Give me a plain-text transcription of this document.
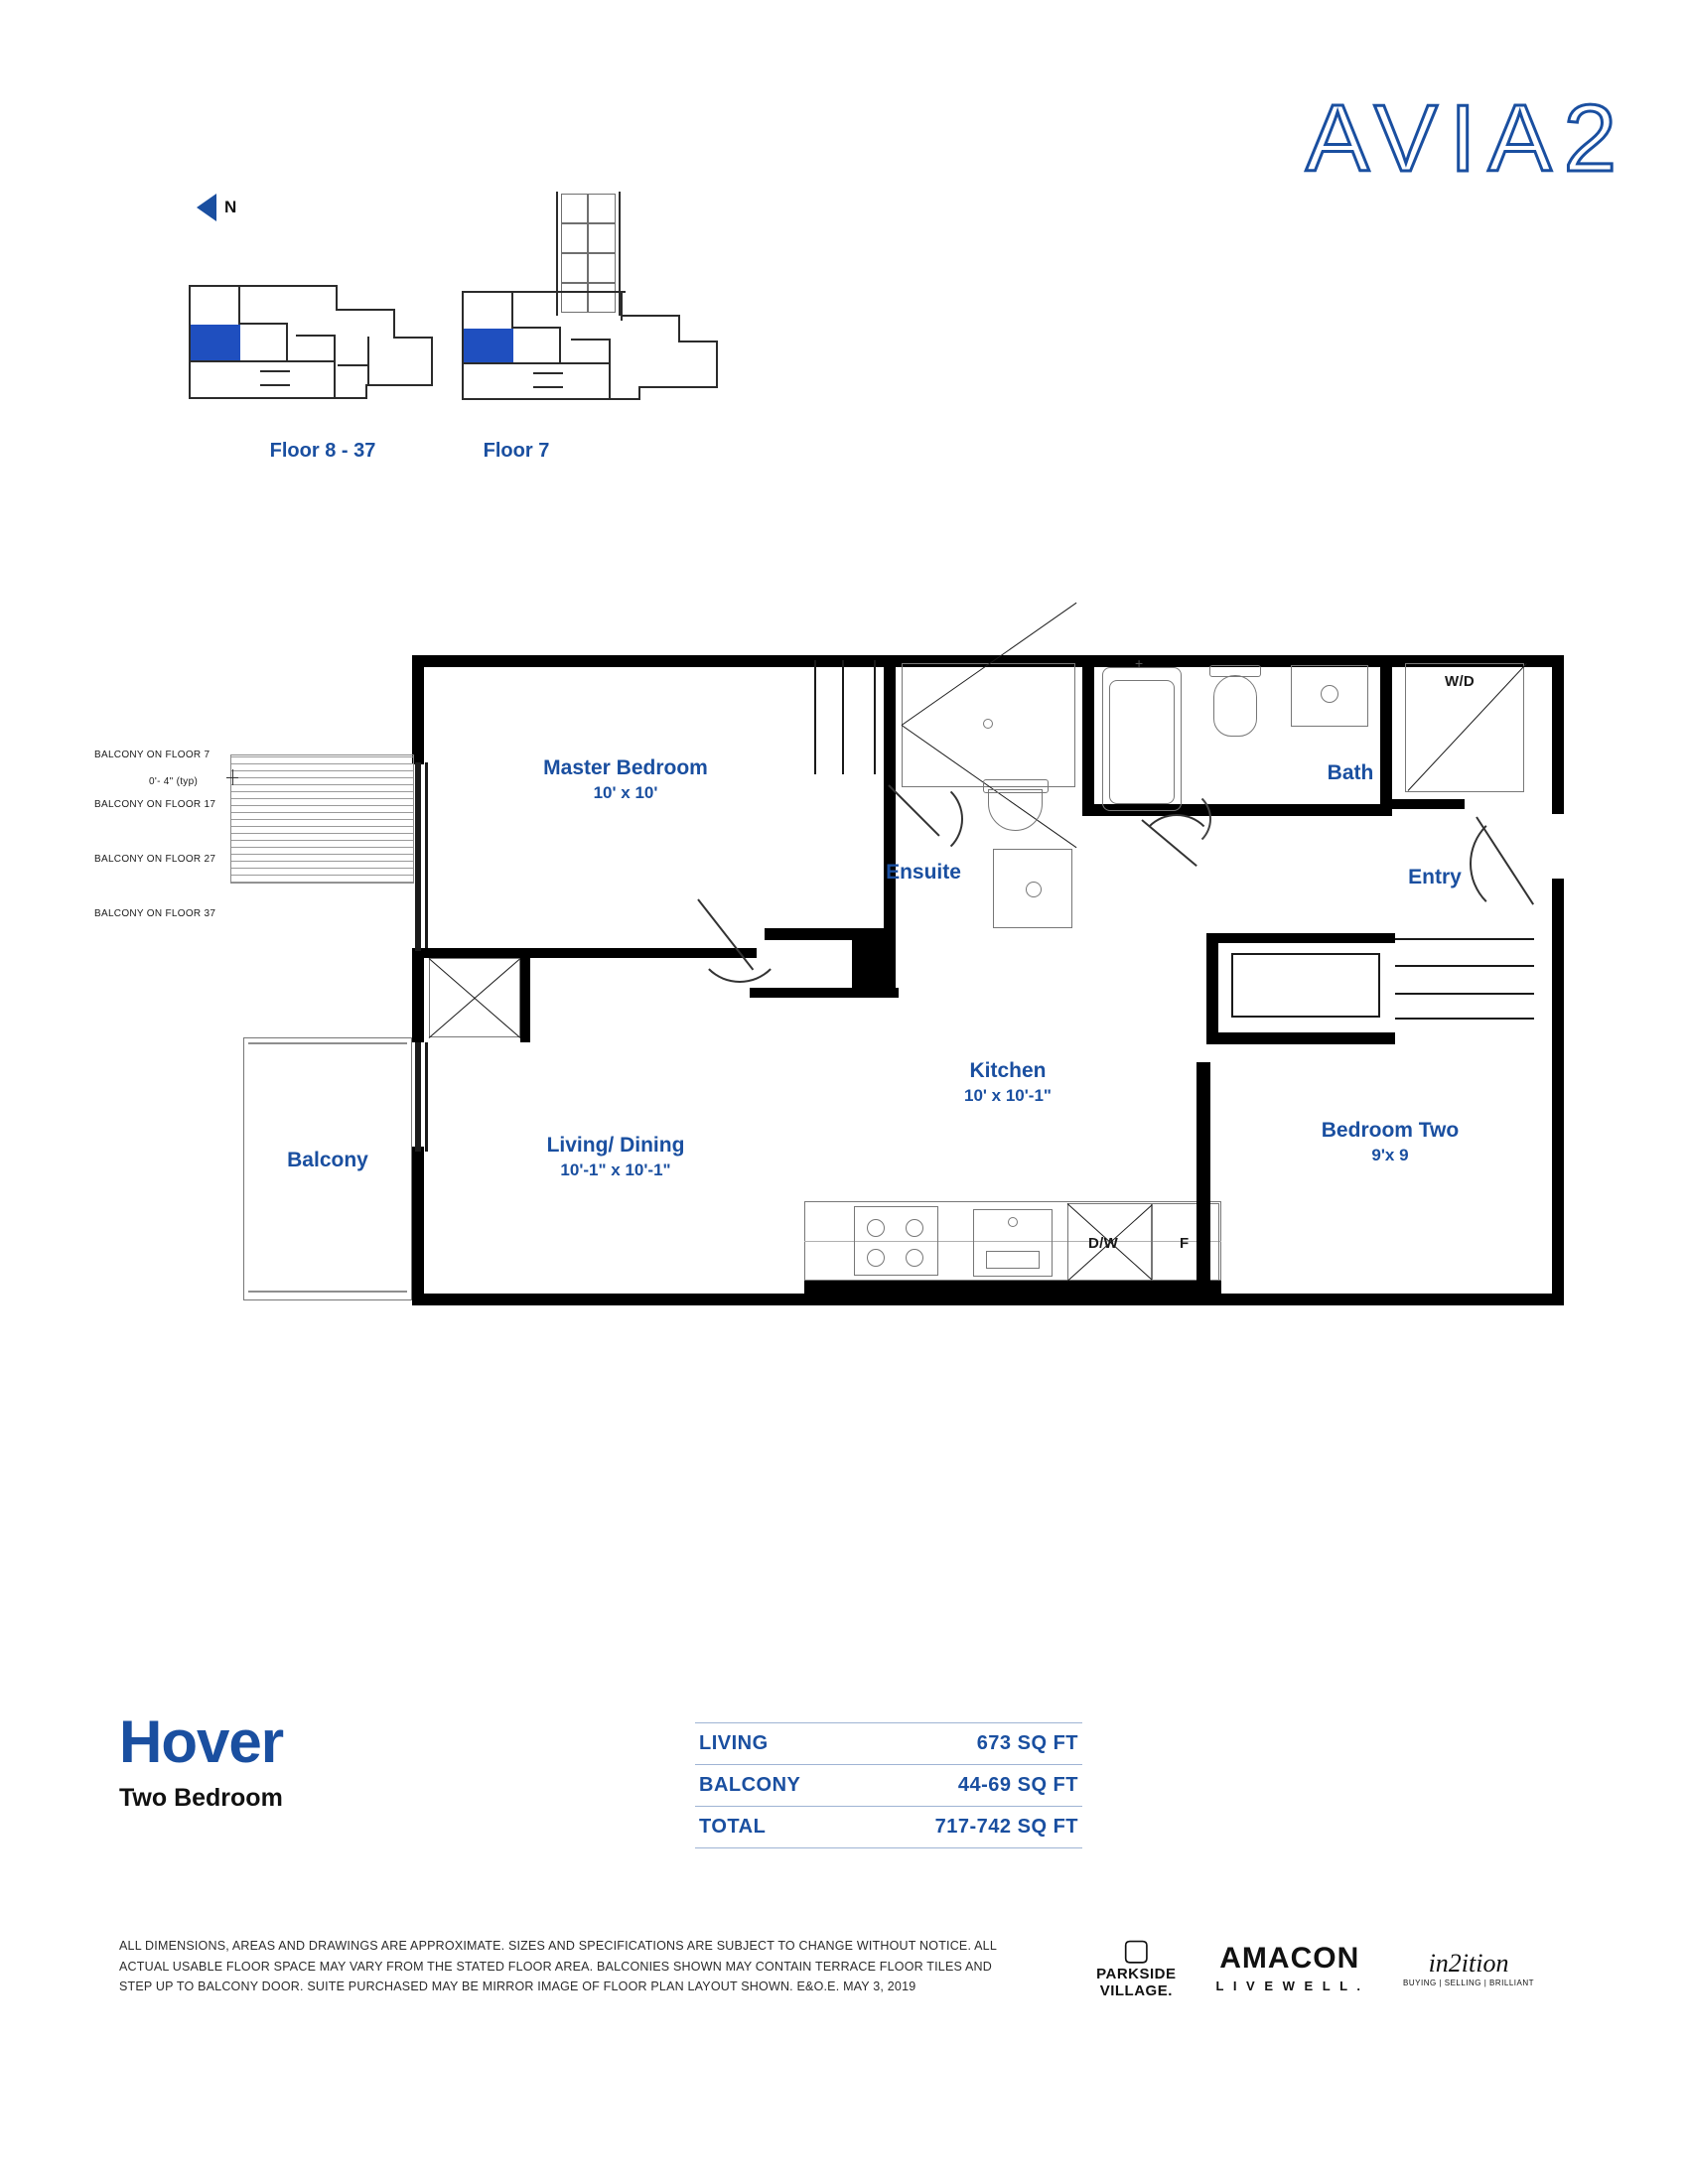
AVIA2
N
Floor 8 - 37	Floor 7
+
W/D
D/W	F
BALCONY ON FLOOR 7
0'- 4" (typ)
BALCONY ON FLOOR 17
BALCONY ON FLOOR 27
BALCONY ON FLOOR 37
Master Bedroom
10' x 10'
Ensuite
Bath
Entry
Kitchen
10' x 10'-1"
Bedroom Two
9'x 9
Living/ Dining
10'-1" x 10'-1"
Balcony
Hover
Two Bedroom
LIVING	673 SQ FT
BALCONY	44-69 SQ FT
TOTAL	717-742 SQ FT
ALL DIMENSIONS, AREAS AND DRAWINGS ARE APPROXIMATE. SIZES AND SPECIFICATIONS ARE SUBJECT TO CHANGE WITHOUT NOTICE. ALL ACTUAL USABLE FLOOR SPACE MAY VARY FROM THE STATED FLOOR AREA. BALCONIES SHOWN MAY CONTAIN TERRACE FLOOR TILES AND STEP UP TO BALCONY DOOR. SUITE PURCHASED MAY BE MIRROR IMAGE OF FLOOR PLAN LAYOUT SHOWN. E&O.E. MAY 3, 2019
▢
PARKSIDE
VILLAGE.
AMACON
L I V E W E L L .
in2ition
BUYING | SELLING | BRILLIANT
